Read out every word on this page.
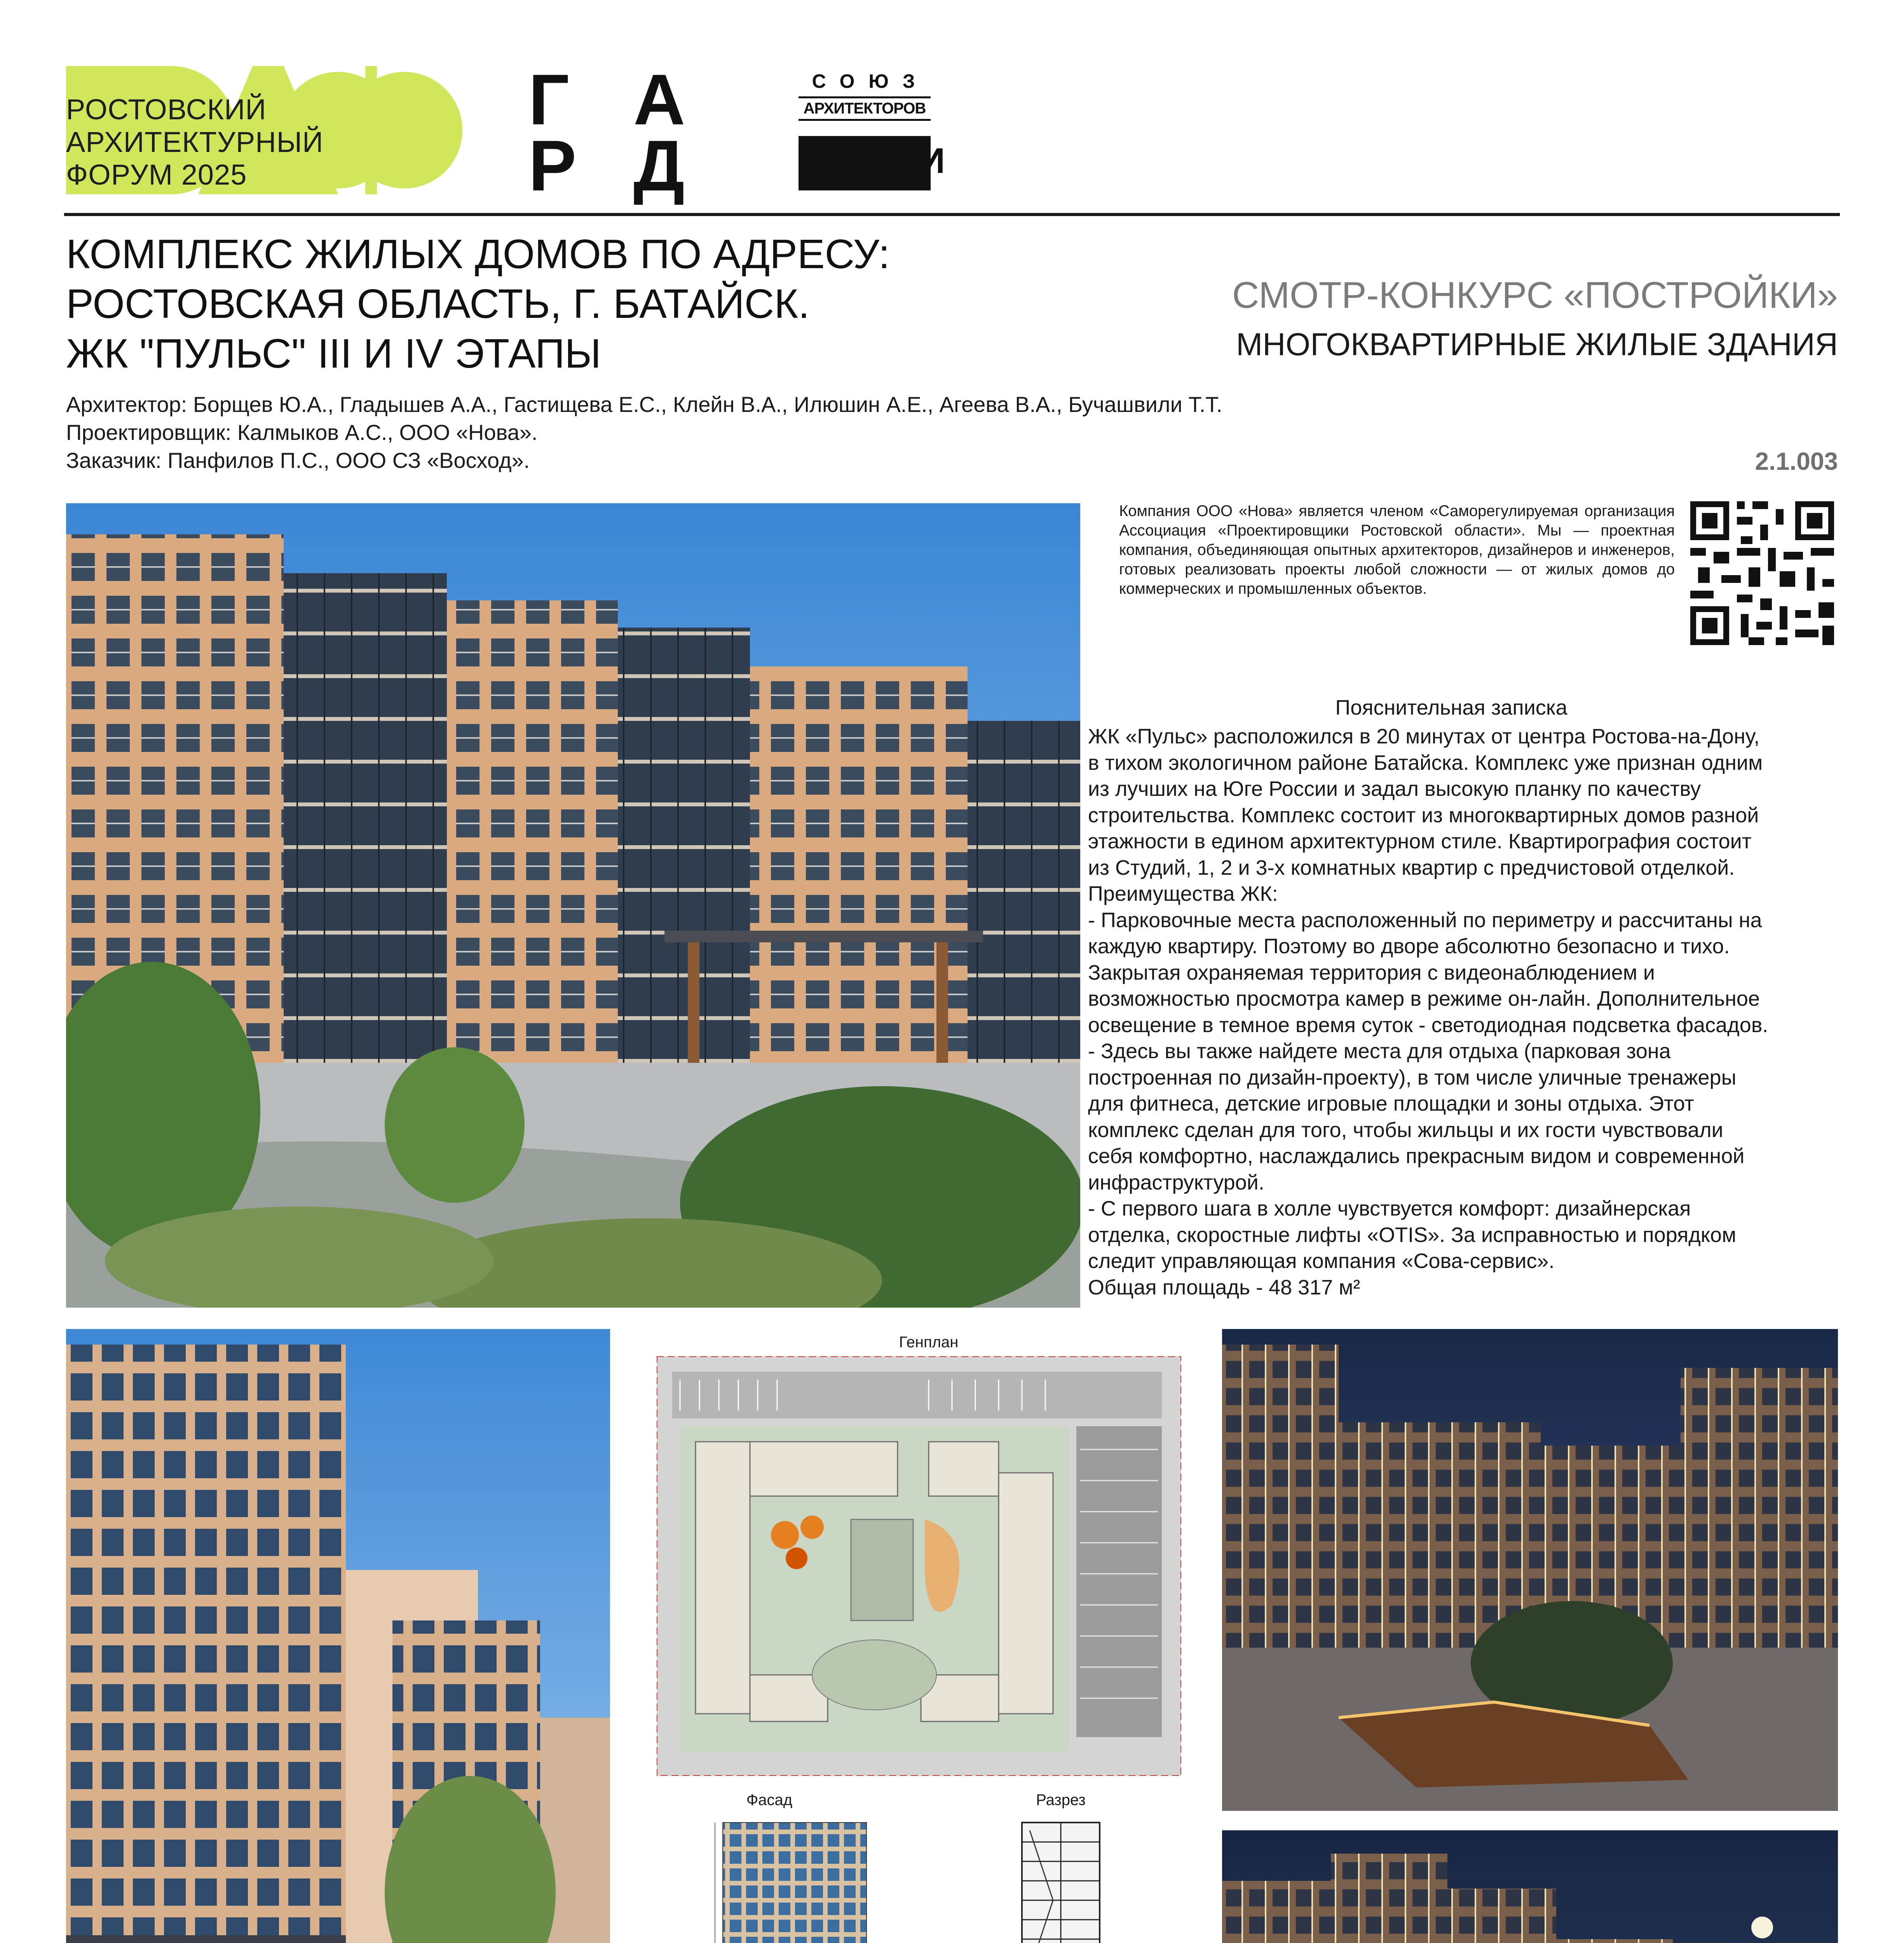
РОСТОВСКИЙ
АРХИТЕКТУРНЫЙ
ФОРУМ 2025
Г А
Р Д
СОЮЗ
АРХИТЕКТОРОВ
РОССИИ
КОМПЛЕКС ЖИЛЫХ ДОМОВ ПО АДРЕСУ:
РОСТОВСКАЯ ОБЛАСТЬ, Г. БАТАЙСК.
ЖК "ПУЛЬС" III И IV ЭТАПЫ
СМОТР-КОНКУРС «ПОСТРОЙКИ»
МНОГОКВАРТИРНЫЕ ЖИЛЫЕ ЗДАНИЯ
Архитектор: Борщев Ю.А., Гладышев А.А., Гастищева Е.С., Клейн В.А., Илюшин А.Е., Агеева В.А., Бучашвили Т.Т.
Проектировщик: Калмыков А.С., ООО «Нова».
Заказчик: Панфилов П.С., ООО СЗ «Восход».	2.1.003
Компания ООО «Нова» является членом «Саморегулируемая организация Ассоциация «Проектировщики Ростовской области». Мы — проектная компания, объединяющая опытных архитекторов, дизайнеров и инженеров, готовых реализовать проекты любой сложности — от жилых домов до коммерческих и промышленных объектов.
Пояснительная записка
ЖК «Пульс» расположился в 20 минутах от центра Ростова-на-Дону,
в тихом экологичном районе Батайска. Комплекс уже признан одним
из лучших на Юге России и задал высокую планку по качеству
строительства. Комплекс состоит из многоквартирных домов разной
этажности в едином архитектурном стиле. Квартирография состоит
из Студий, 1, 2 и 3-х комнатных квартир с предчистовой отделкой.
Преимущества ЖК:
- Парковочные места расположенный по периметру и рассчитаны на
каждую квартиру. Поэтому во дворе абсолютно безопасно и тихо.
Закрытая охраняемая территория с видеонаблюдением и
возможностью просмотра камер в режиме он-лайн. Дополнительное
освещение в темное время суток - светодиодная подсветка фасадов.
- Здесь вы также найдете места для отдыха (парковая зона
построенная по дизайн-проекту), в том числе уличные тренажеры
для фитнеса, детские игровые площадки и зоны отдыха. Этот
комплекс сделан для того, чтобы жильцы и их гости чувствовали
себя комфортно, наслаждались прекрасным видом и современной
инфраструктурой.
- С первого шага в холле чувствуется комфорт: дизайнерская
отделка, скоростные лифты «OTIS». За исправностью и порядком
следит управляющая компания «Сова-сервис».
Общая площадь - 48 317 м²
Генплан
Фасад	Разрез
